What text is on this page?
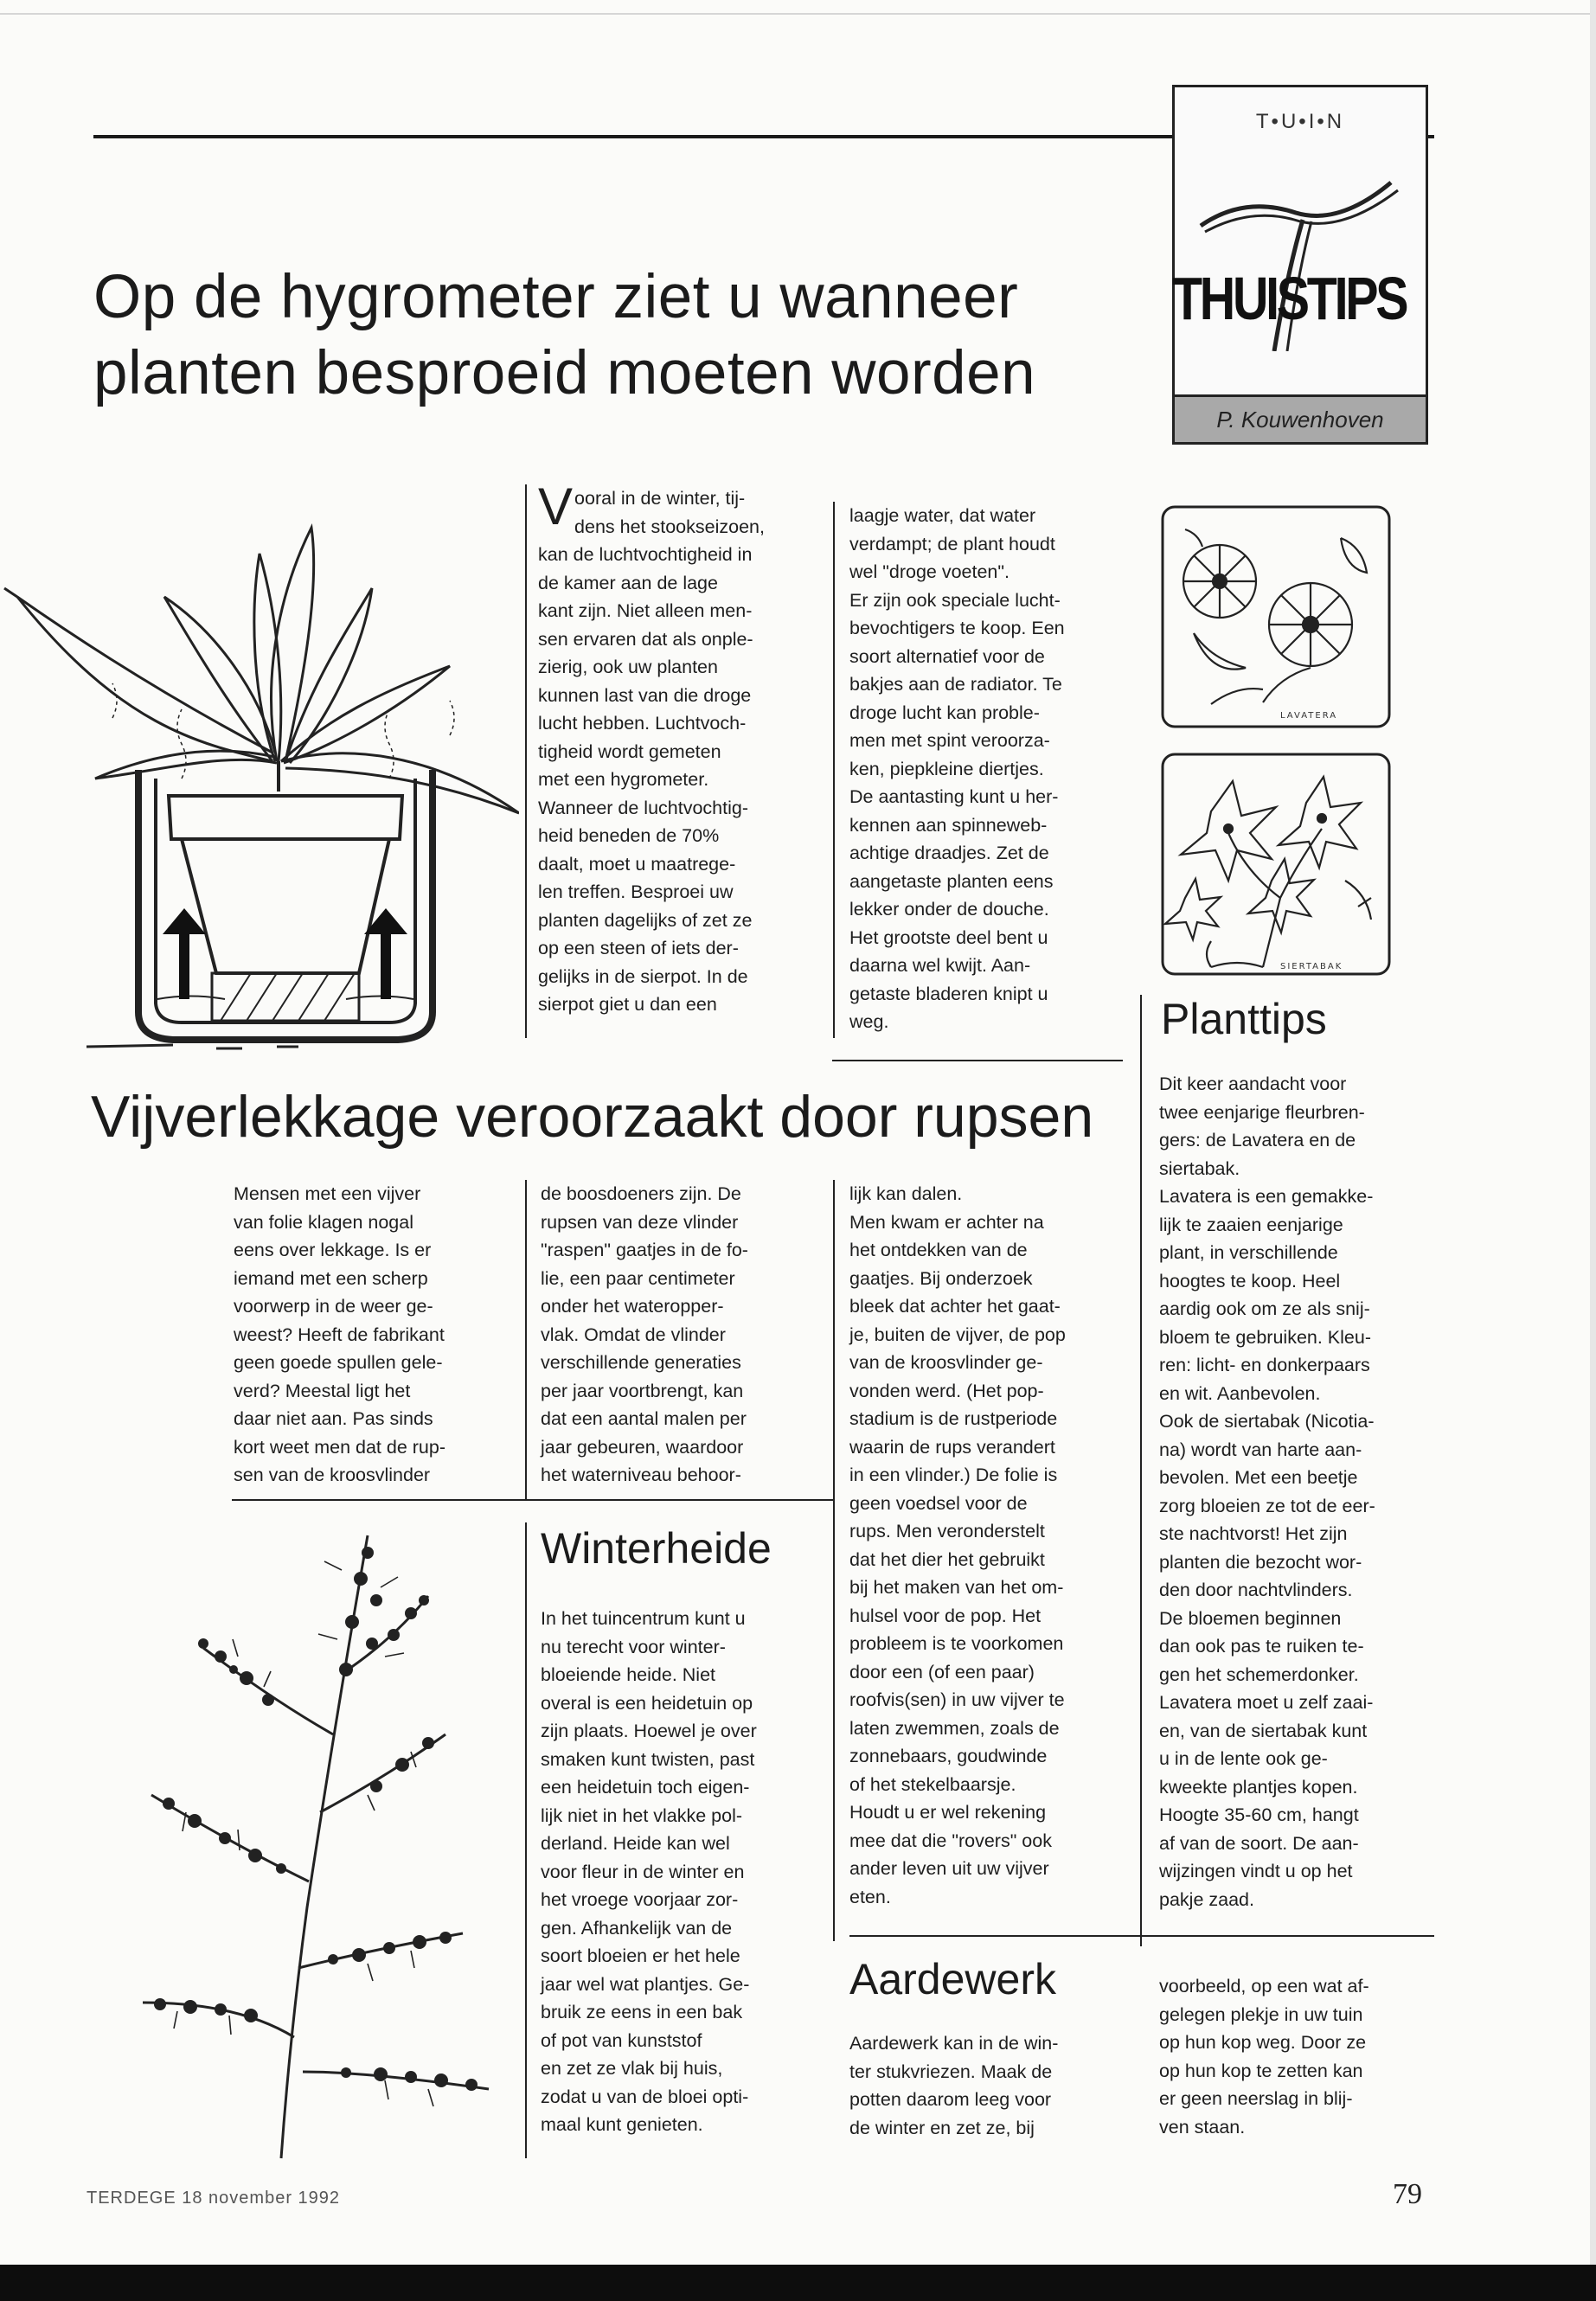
T•U•I•N
THUISTIPS
P. Kouwenhoven
Op de hygrometer ziet u wanneer
planten besproeid moeten worden
Vooral in de winter, tij-
dens het stookseizoen,
kan de luchtvochtigheid in
de kamer aan de lage
kant zijn. Niet alleen men-
sen ervaren dat als onple-
zierig, ook uw planten
kunnen last van die droge
lucht hebben. Luchtvoch-
tigheid wordt gemeten
met een hygrometer.
Wanneer de luchtvochtig-
heid beneden de 70%
daalt, moet u maatrege-
len treffen. Besproei uw
planten dagelijks of zet ze
op een steen of iets der-
gelijks in de sierpot. In de
sierpot giet u dan een
laagje water, dat water
verdampt; de plant houdt
wel "droge voeten".
Er zijn ook speciale lucht-
bevochtigers te koop. Een
soort alternatief voor de
bakjes aan de radiator. Te
droge lucht kan proble-
men met spint veroorza-
ken, piepkleine diertjes.
De aantasting kunt u her-
kennen aan spinneweb-
achtige draadjes. Zet de
aangetaste planten eens
lekker onder de douche.
Het grootste deel bent u
daarna wel kwijt. Aan-
getaste bladeren knipt u
weg.
LAVATERA
SIERTABAK
Planttips
Dit keer aandacht voor
twee eenjarige fleurbren-
gers: de Lavatera en de
siertabak.
Lavatera is een gemakke-
lijk te zaaien eenjarige
plant, in verschillende
hoogtes te koop. Heel
aardig ook om ze als snij-
bloem te gebruiken. Kleu-
ren: licht- en donkerpaars
en wit. Aanbevolen.
Ook de siertabak (Nicotia-
na) wordt van harte aan-
bevolen. Met een beetje
zorg bloeien ze tot de eer-
ste nachtvorst! Het zijn
planten die bezocht wor-
den door nachtvlinders.
De bloemen beginnen
dan ook pas te ruiken te-
gen het schemerdonker.
Lavatera moet u zelf zaai-
en, van de siertabak kunt
u in de lente ook ge-
kweekte plantjes kopen.
Hoogte 35-60 cm, hangt
af van de soort. De aan-
wijzingen vindt u op het
pakje zaad.
Vijverlekkage veroorzaakt door rupsen
Mensen met een vijver
van folie klagen nogal
eens over lekkage. Is er
iemand met een scherp
voorwerp in de weer ge-
weest? Heeft de fabrikant
geen goede spullen gele-
verd? Meestal ligt het
daar niet aan. Pas sinds
kort weet men dat de rup-
sen van de kroosvlinder
de boosdoeners zijn. De
rupsen van deze vlinder
"raspen" gaatjes in de fo-
lie, een paar centimeter
onder het wateropper-
vlak. Omdat de vlinder
verschillende generaties
per jaar voortbrengt, kan
dat een aantal malen per
jaar gebeuren, waardoor
het waterniveau behoor-
lijk kan dalen.
Men kwam er achter na
het ontdekken van de
gaatjes. Bij onderzoek
bleek dat achter het gaat-
je, buiten de vijver, de pop
van de kroosvlinder ge-
vonden werd. (Het pop-
stadium is de rustperiode
waarin de rups verandert
in een vlinder.) De folie is
geen voedsel voor de
rups. Men veronderstelt
dat het dier het gebruikt
bij het maken van het om-
hulsel voor de pop. Het
probleem is te voorkomen
door een (of een paar)
roofvis(sen) in uw vijver te
laten zwemmen, zoals de
zonnebaars, goudwinde
of het stekelbaarsje.
Houdt u er wel rekening
mee dat die "rovers" ook
ander leven uit uw vijver
eten.
Winterheide
In het tuincentrum kunt u
nu terecht voor winter-
bloeiende heide. Niet
overal is een heidetuin op
zijn plaats. Hoewel je over
smaken kunt twisten, past
een heidetuin toch eigen-
lijk niet in het vlakke pol-
derland. Heide kan wel
voor fleur in de winter en
het vroege voorjaar zor-
gen. Afhankelijk van de
soort bloeien er het hele
jaar wel wat plantjes. Ge-
bruik ze eens in een bak
of pot van kunststof
en zet ze vlak bij huis,
zodat u van de bloei opti-
maal kunt genieten.
Aardewerk
Aardewerk kan in de win-
ter stukvriezen. Maak de
potten daarom leeg voor
de winter en zet ze, bij
voorbeeld, op een wat af-
gelegen plekje in uw tuin
op hun kop weg. Door ze
op hun kop te zetten kan
er geen neerslag in blij-
ven staan.
TERDEGE 18 november 1992	79
